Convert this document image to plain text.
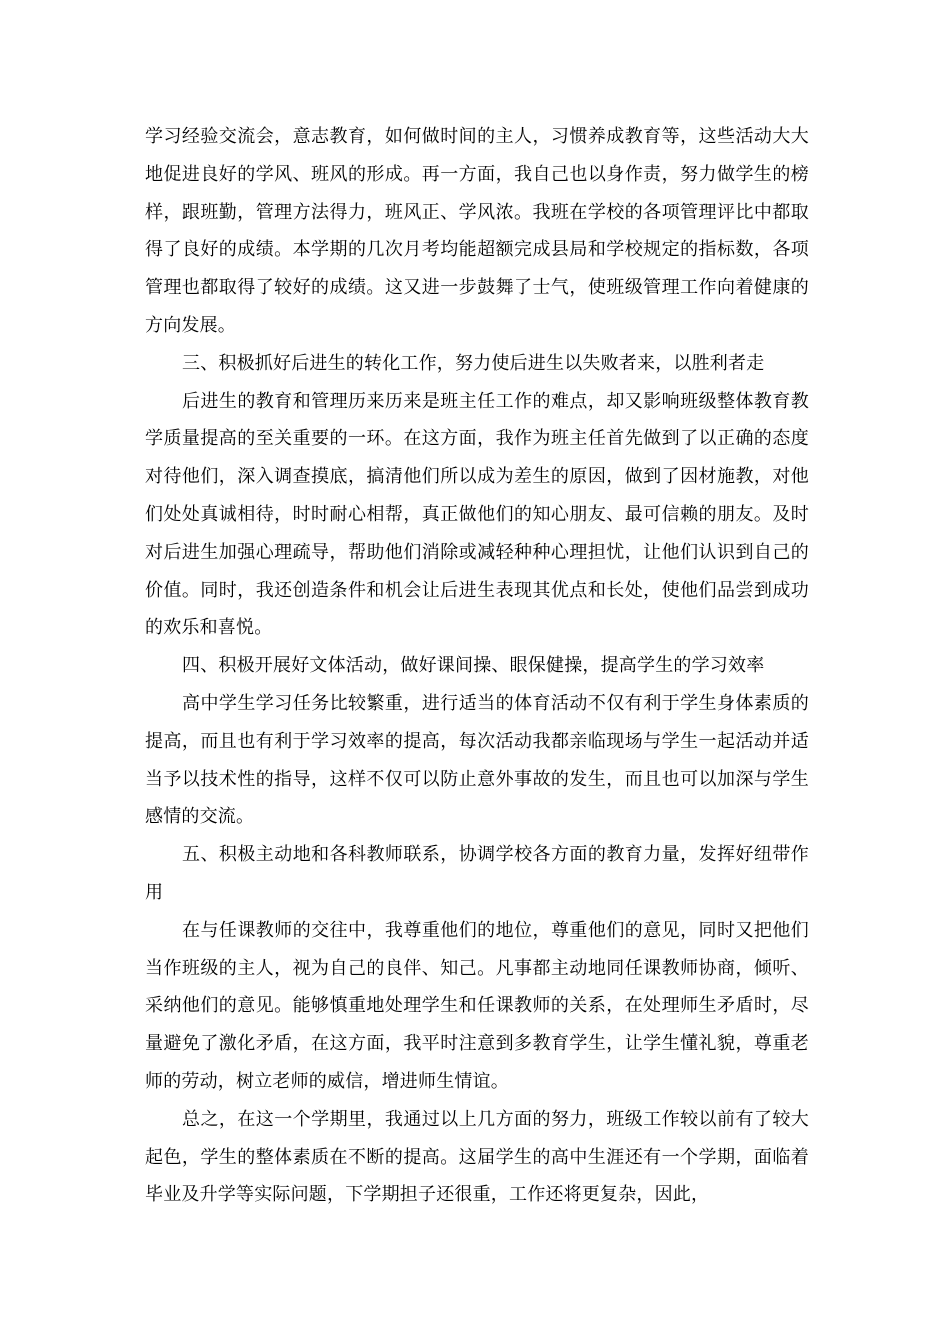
学习经验交流会，意志教育，如何做时间的主人，习惯养成教育等，这些活动大大地促进良好的学风、班风的形成。再一方面，我自己也以身作责，努力做学生的榜样，跟班勤，管理方法得力，班风正、学风浓。我班在学校的各项管理评比中都取得了良好的成绩。本学期的几次月考均能超额完成县局和学校规定的指标数，各项管理也都取得了较好的成绩。这又进一步鼓舞了士气，使班级管理工作向着健康的方向发展。

三、积极抓好后进生的转化工作，努力使后进生以失败者来，以胜利者走

后进生的教育和管理历来历来是班主任工作的难点，却又影响班级整体教育教学质量提高的至关重要的一环。在这方面，我作为班主任首先做到了以正确的态度对待他们，深入调查摸底，搞清他们所以成为差生的原因，做到了因材施教，对他们处处真诚相待，时时耐心相帮，真正做他们的知心朋友、最可信赖的朋友。及时对后进生加强心理疏导，帮助他们消除或减轻种种心理担忧，让他们认识到自己的价值。同时，我还创造条件和机会让后进生表现其优点和长处，使他们品尝到成功的欢乐和喜悦。

四、积极开展好文体活动，做好课间操、眼保健操，提高学生的学习效率

高中学生学习任务比较繁重，进行适当的体育活动不仅有利于学生身体素质的提高，而且也有利于学习效率的提高，每次活动我都亲临现场与学生一起活动并适当予以技术性的指导，这样不仅可以防止意外事故的发生，而且也可以加深与学生感情的交流。

五、积极主动地和各科教师联系，协调学校各方面的教育力量，发挥好纽带作用

在与任课教师的交往中，我尊重他们的地位，尊重他们的意见，同时又把他们当作班级的主人，视为自己的良伴、知己。凡事都主动地同任课教师协商，倾听、采纳他们的意见。能够慎重地处理学生和任课教师的关系，在处理师生矛盾时，尽量避免了激化矛盾，在这方面，我平时注意到多教育学生，让学生懂礼貌，尊重老师的劳动，树立老师的威信，增进师生情谊。

总之，在这一个学期里，我通过以上几方面的努力，班级工作较以前有了较大起色，学生的整体素质在不断的提高。这届学生的高中生涯还有一个学期，面临着毕业及升学等实际问题，下学期担子还很重，工作还将更复杂，因此，
